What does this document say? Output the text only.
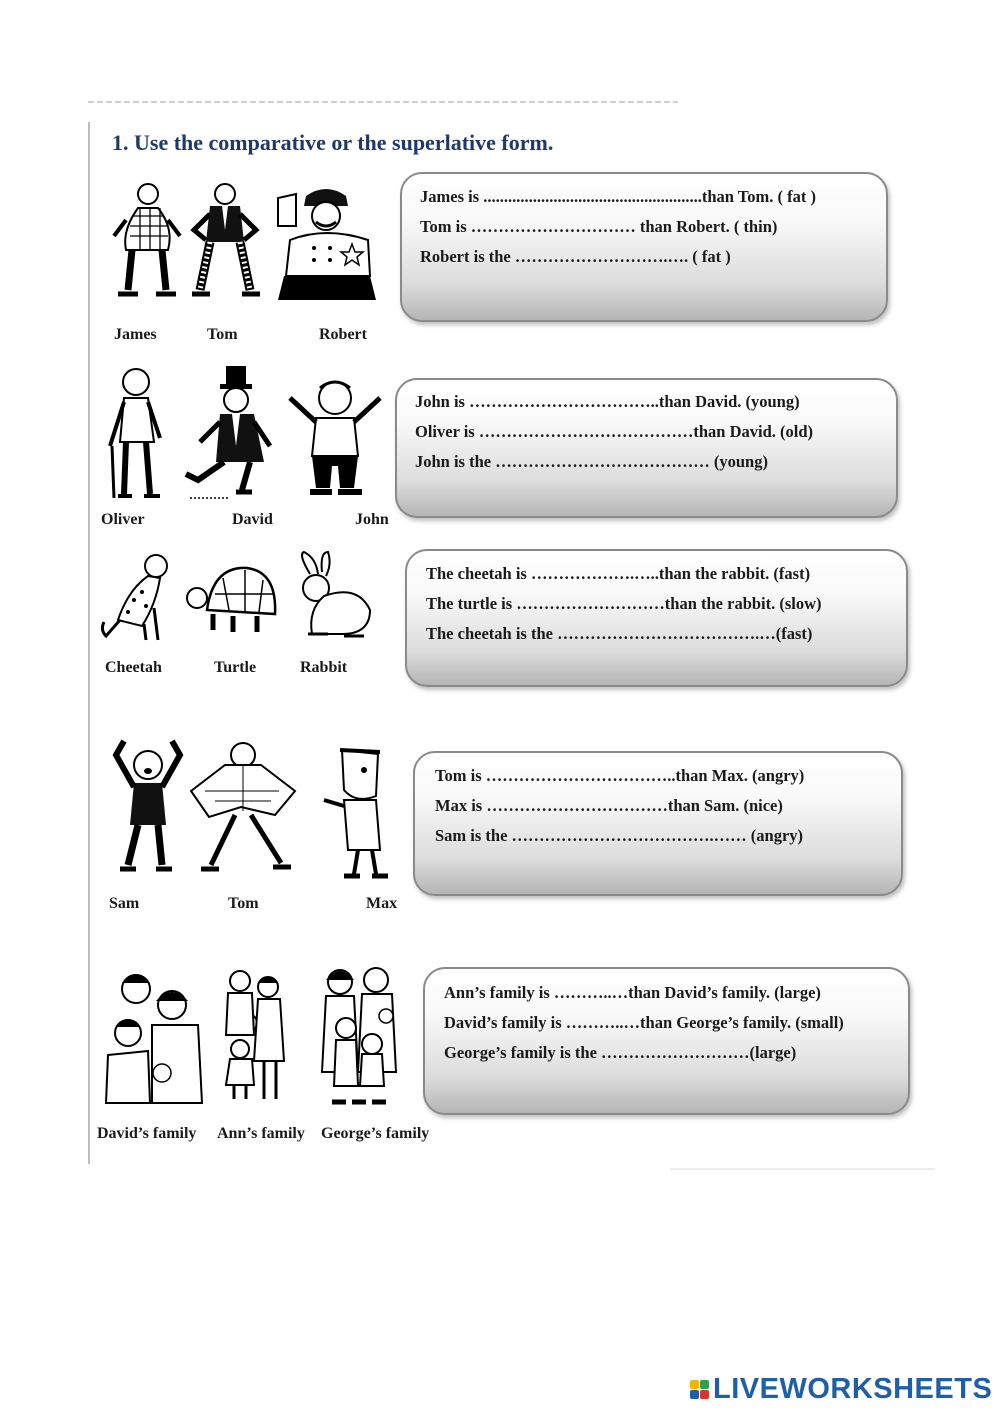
1. Use the comparative or the superlative form.
James	Tom	Robert
James is .....................................................than Tom. ( fat )
Tom is ………………………… than Robert. ( thin)
Robert is the ……………………….…. ( fat )
Oliver	David	John
John is ……………………………..than David. (young)
Oliver is …………………………………than David. (old)
John is the ………………………………… (young)
Cheetah	Turtle	Rabbit
The cheetah is ……………….…..than the rabbit. (fast)
The turtle is ………………………than the rabbit. (slow)
The cheetah is the ……………………………….…(fast)
Sam	Tom	Max
Tom is ……………………………..than Max. (angry)
Max is ……………………………than Sam. (nice)
Sam is the ……………………………….…… (angry)
David’s family Ann’s family George’s family
Ann’s family is ………..…than David’s family. (large)
David’s family is ………..…than George’s family. (small)
George’s family is the ………………………(large)
LIVEWORKSHEETS
